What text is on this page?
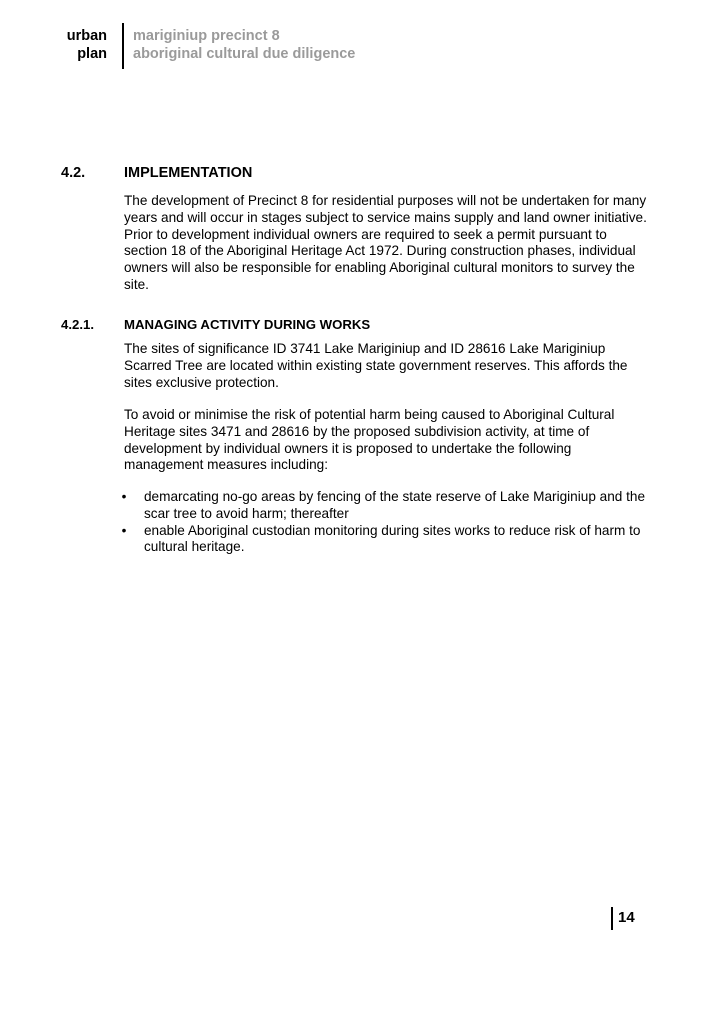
urban
plan
mariginiup precinct 8
aboriginal cultural due diligence
4.2.	IMPLEMENTATION

The development of Precinct 8 for residential purposes will not be undertaken for many years and will occur in stages subject to service mains supply and land owner initiative. Prior to development individual owners are required to seek a permit pursuant to section 18 of the Aboriginal Heritage Act 1972. During construction phases, individual owners will also be responsible for enabling Aboriginal cultural monitors to survey the site.

4.2.1. MANAGING ACTIVITY DURING WORKS

The sites of significance ID 3741 Lake Mariginiup and ID 28616 Lake Mariginiup Scarred Tree are located within existing state government reserves. This affords the sites exclusive protection.

To avoid or minimise the risk of potential harm being caused to Aboriginal Cultural Heritage sites 3471 and 28616 by the proposed subdivision activity, at time of development by individual owners it is proposed to undertake the following management measures including:

• demarcating no-go areas by fencing of the state reserve of Lake Mariginiup and the scar tree to avoid harm; thereafter
• enable Aboriginal custodian monitoring during sites works to reduce risk of harm to cultural heritage.
14
